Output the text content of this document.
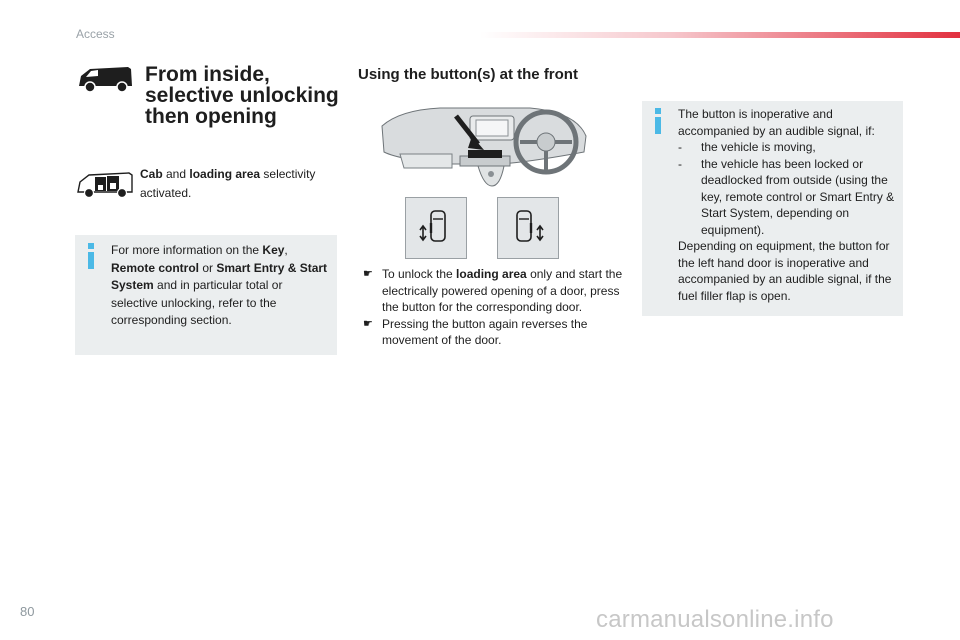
Access
From inside,
selective unlocking
then opening
Cab and loading area selectivity activated.
For more information on the Key, Remote control or Smart Entry & Start System and in particular total or selective unlocking, refer to the corresponding section.
Using the button(s) at the front

☛ To unlock the loading area only and start the electrically powered opening of a door, press the button for the corresponding door.

☛ Pressing the button again reverses the movement of the door.

The button is inoperative and accompanied by an audible signal, if:
- the vehicle is moving,
- the vehicle has been locked or deadlocked from outside (using the key, remote control or Smart Entry & Start System, depending on equipment).
Depending on equipment, the button for the left hand door is inoperative and accompanied by an audible signal, if the fuel filler flap is open.
80	carmanualsonline.info
